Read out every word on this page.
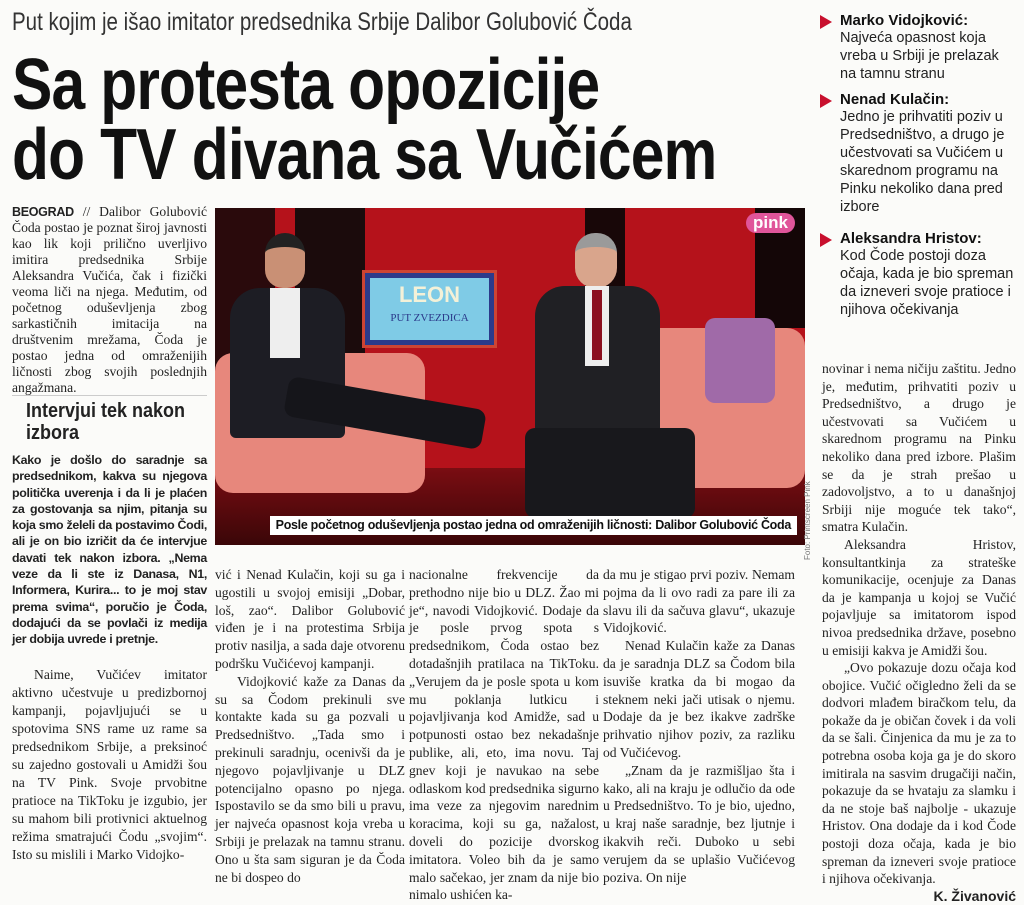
Put kojim je išao imitator predsednika Srbije Dalibor Golubović Čoda
Sa protesta opozicije
do TV divana sa Vučićem
BEOGRAD // Dalibor Golubović Čoda postao je poznat široj javnosti kao lik koji prilično uverljivo imitira predsednika Srbije Aleksandra Vučića, čak i fizički veoma liči na njega. Međutim, od početnog oduševljenja zbog sarkastičnih imitacija na društvenim mrežama, Čoda je postao jedna od omraženijih ličnosti zbog svojih poslednjih angažmana.
Intervjui tek nakon izbora
Kako je došlo do saradnje sa predsednikom, kakva su njegova politička uverenja i da li je plaćen za gostovanja sa njim, pitanja su koja smo želeli da postavimo Čodi, ali je on bio izričit da će intervjue davati tek nakon izbora. „Nema veze da li ste iz Danasa, N1, Informera, Kurira... to je moj stav prema svima“, poručio je Čoda, dodajući da se povlači iz medija jer dobija uvrede i pretnje.

Naime, Vučićev imitator aktivno učestvuje u predizbornoj kampanji, pojavljujući se u spotovima SNS rame uz rame sa predsednikom Srbije, a preksinoć su zajedno gostovali u Amidži šou na TV Pink. Svoje prvobitne pratioce na TikToku je izgubio, jer su mahom bili protivnici aktuelnog režima smatrajući Čodu „svojim“. Isto su mislili i Marko Vidojko-

LEON
PUT ZVEZDICA
pink
Posle početnog oduševljenja postao jedna od omraženijih ličnosti: Dalibor Golubović Čoda	Foto: Printscreen Pink

vić i Nenad Kulačin, koji su ga i ugostili u svojoj emisiji „Dobar, loš, zao“. Dalibor Golubović viđen je i na protestima Srbija protiv nasilja, a sada daje otvorenu podršku Vučićevoj kampanji.

Vidojković kaže za Danas da su sa Čodom prekinuli sve kontakte kada su ga pozvali u Predsedništvo. „Tada smo i prekinuli saradnju, ocenivši da je njegovo pojavljivanje u DLZ potencijalno opasno po njega. Ispostavilo se da smo bili u pravu, jer najveća opasnost koja vreba u Srbiji je prelazak na tamnu stranu. Ono u šta sam siguran je da Čoda ne bi dospeo do

nacionalne frekvencije da prethodno nije bio u DLZ. Žao mi je“, navodi Vidojković. Dodaje da je posle prvog spota s predsednikom, Čoda ostao bez dotadašnjih pratilaca na TikToku. „Verujem da je posle spota u kom mu poklanja lutkicu i pojavljivanja kod Amidže, sad u potpunosti ostao bez nekadašnje publike, ali, eto, ima novu. Taj gnev koji je navukao na sebe odlaskom kod predsednika sigurno ima veze za njegovim narednim koracima, koji su ga, nažalost, doveli do pozicije dvorskog imitatora. Voleo bih da je samo malo sačekao, jer znam da nije bio nimalo ushićen ka-

da mu je stigao prvi poziv. Nemam pojma da li ovo radi za pare ili za slavu ili da sačuva glavu“, ukazuje Vidojković.

Nenad Kulačin kaže za Danas da je saradnja DLZ sa Čodom bila isuviše kratka da bi mogao da steknem neki jači utisak o njemu. Dodaje da je bez ikakve zadrške prihvatio njihov poziv, za razliku od Vučićevog.

„Znam da je razmišljao šta i kako, ali na kraju je odlučio da ode u Predsedništvo. To je bio, ujedno, u kraj naše saradnje, bez ljutnje i ikakvih reči. Duboko u sebi verujem da se uplašio Vučićevog poziva. On nije

Marko Vidojković:
Najveća opasnost koja vreba u Srbiji je prelazak na tamnu stranu
Nenad Kulačin:
Jedno je prihvatiti poziv u Predsedništvo, a drugo je učestvovati sa Vučićem u skarednom programu na Pinku nekoliko dana pred izbore
Aleksandra Hristov:
Kod Čode postoji doza očaja, kada je bio spreman da izneveri svoje pratioce i njihova očekivanja

novinar i nema ničiju zaštitu. Jedno je, međutim, prihvatiti poziv u Predsedništvo, a drugo je učestvovati sa Vučićem u skarednom programu na Pinku nekoliko dana pred izbore. Plašim se da je strah prešao u zadovoljstvo, a to u današnjoj Srbiji nije moguće tek tako“, smatra Kulačin.

Aleksandra Hristov, konsultantkinja za strateške komunikacije, ocenjuje za Danas da je kampanja u kojoj se Vučić pojavljuje sa imitatorom ispod nivoa predsednika države, posebno u emisiji kakva je Amidži šou.

„Ovo pokazuje dozu očaja kod obojice. Vučić očigledno želi da se dodvori mlađem biračkom telu, da pokaže da je običan čovek i da voli da se šali. Činjenica da mu je za to potrebna osoba koja ga je do skoro imitirala na sasvim drugačiji način, pokazuje da se hvataju za slamku i da ne stoje baš najbolje - ukazuje Hristov. Ona dodaje da i kod Čode postoji doza očaja, kada je bio spreman da izneveri svoje pratioce i njihova očekivanja.
K. Živanović
